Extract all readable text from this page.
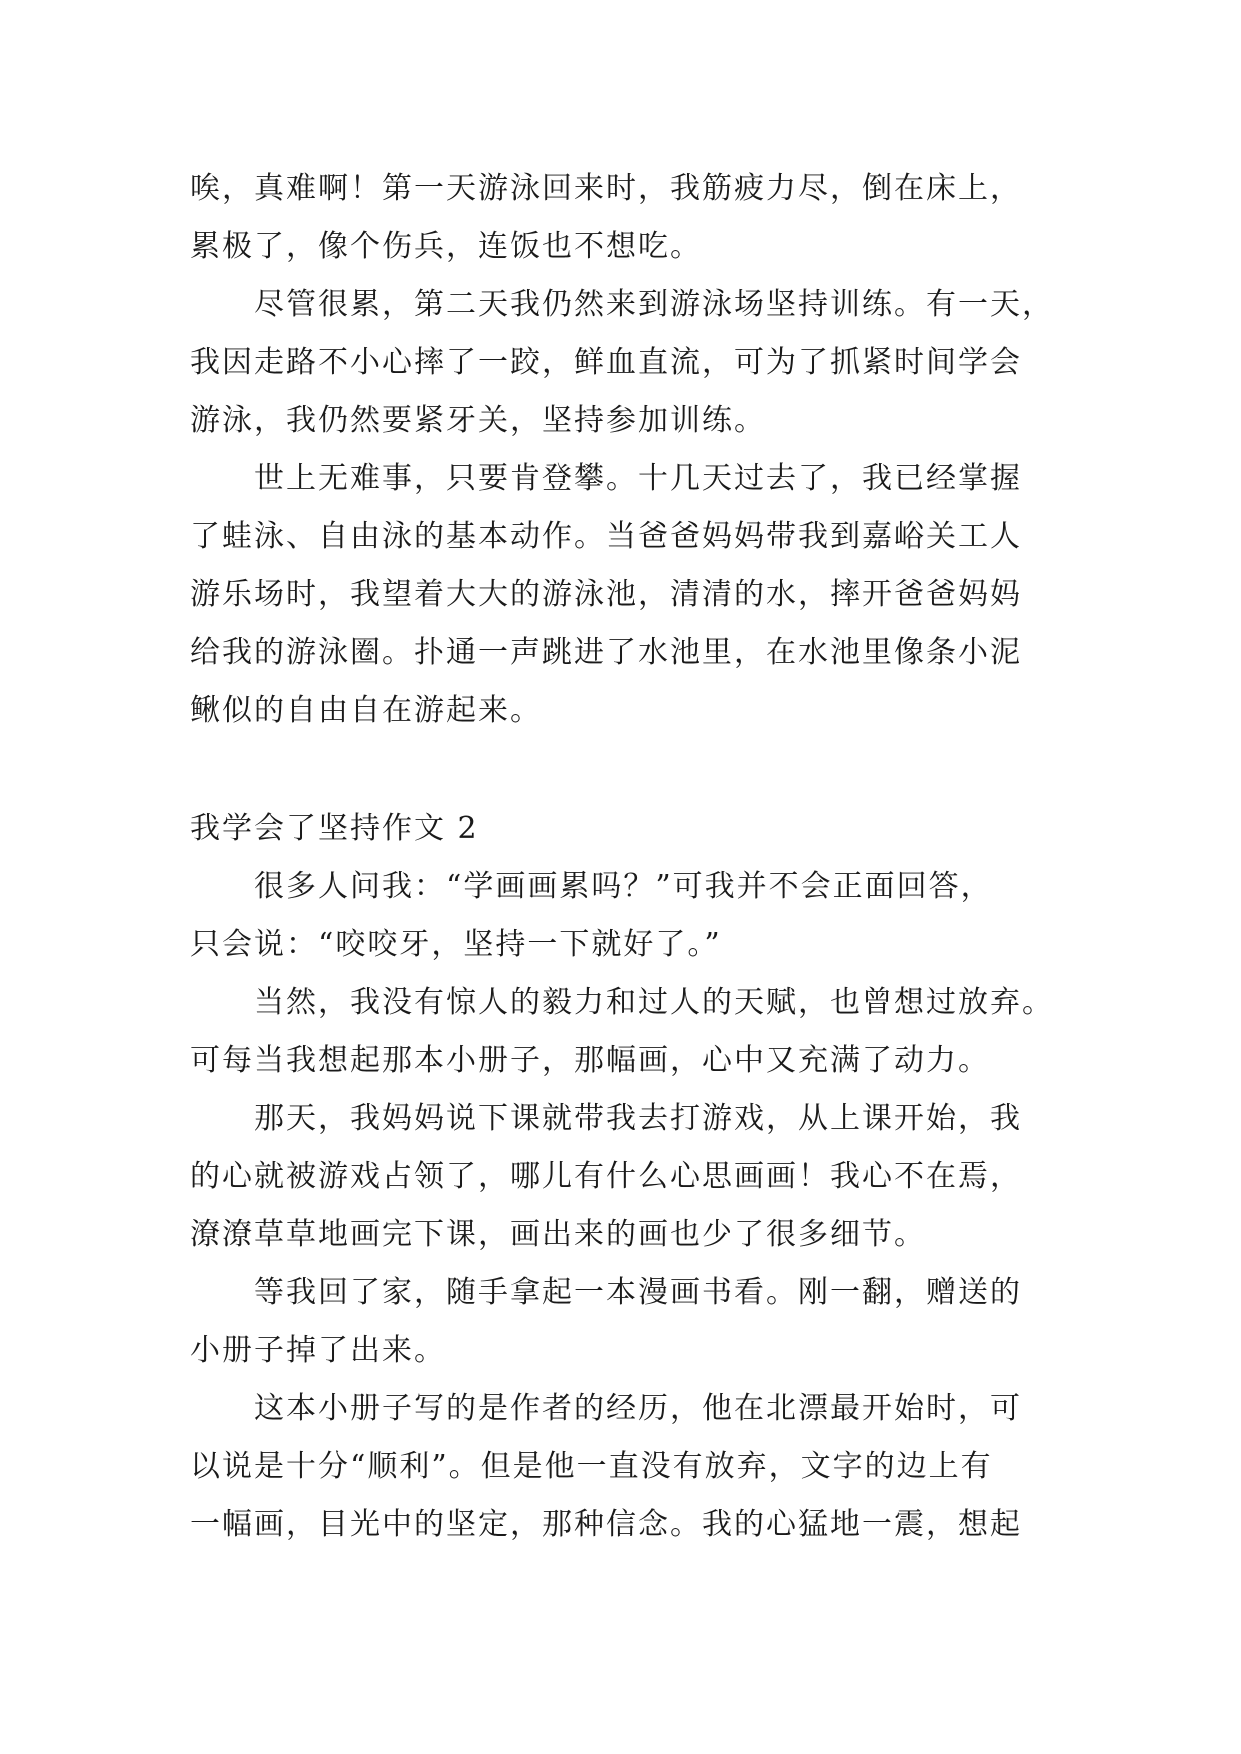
唉，真难啊！第一天游泳回来时，我筋疲力尽，倒在床上，
累极了，像个伤兵，连饭也不想吃。
尽管很累，第二天我仍然来到游泳场坚持训练。有一天，
我因走路不小心摔了一跤，鲜血直流，可为了抓紧时间学会
游泳，我仍然要紧牙关，坚持参加训练。
世上无难事，只要肯登攀。十几天过去了，我已经掌握
了蛙泳、自由泳的基本动作。当爸爸妈妈带我到嘉峪关工人
游乐场时，我望着大大的游泳池，清清的水，摔开爸爸妈妈
给我的游泳圈。扑通一声跳进了水池里，在水池里像条小泥
鳅似的自由自在游起来。
我学会了坚持作文 2
很多人问我：“学画画累吗？”可我并不会正面回答，
只会说：“咬咬牙，坚持一下就好了。”
当然，我没有惊人的毅力和过人的天赋，也曾想过放弃。
可每当我想起那本小册子，那幅画，心中又充满了动力。
那天，我妈妈说下课就带我去打游戏，从上课开始，我
的心就被游戏占领了，哪儿有什么心思画画！我心不在焉，
潦潦草草地画完下课，画出来的画也少了很多细节。
等我回了家，随手拿起一本漫画书看。刚一翻，赠送的
小册子掉了出来。
这本小册子写的是作者的经历，他在北漂最开始时，可
以说是十分“顺利”。但是他一直没有放弃，文字的边上有
一幅画，目光中的坚定，那种信念。我的心猛地一震，想起
